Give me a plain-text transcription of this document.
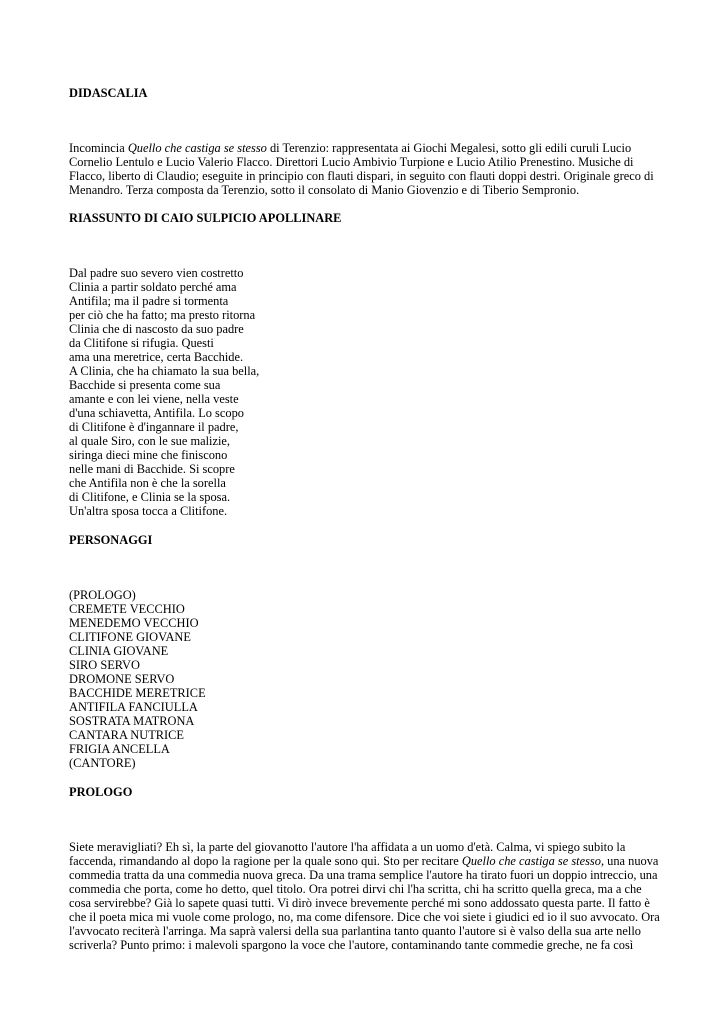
DIDASCALIA
Incomincia Quello che castiga se stesso di Terenzio: rappresentata ai Giochi Megalesi, sotto gli edili curuli Lucio
Cornelio Lentulo e Lucio Valerio Flacco. Direttori Lucio Ambivio Turpione e Lucio Atilio Prenestino. Musiche di
Flacco, liberto di Claudio; eseguite in principio con flauti dispari, in seguito con flauti doppi destri. Originale greco di
Menandro. Terza composta da Terenzio, sotto il consolato di Manio Giovenzio e di Tiberio Sempronio.
RIASSUNTO DI CAIO SULPICIO APOLLINARE
Dal padre suo severo vien costretto
Clinia a partir soldato perché ama
Antifila; ma il padre si tormenta
per ciò che ha fatto; ma presto ritorna
Clinia che di nascosto da suo padre
da Clitifone si rifugia. Questi
ama una meretrice, certa Bacchide.
A Clinia, che ha chiamato la sua bella,
Bacchide si presenta come sua
amante e con lei viene, nella veste
d'una schiavetta, Antifila. Lo scopo
di Clitifone è d'ingannare il padre,
al quale Siro, con le sue malizie,
siringa dieci mine che finiscono
nelle mani di Bacchide. Si scopre
che Antifila non è che la sorella
di Clitifone, e Clinia se la sposa.
Un'altra sposa tocca a Clitifone.
PERSONAGGI
(PROLOGO)
CREMETE VECCHIO
MENEDEMO VECCHIO
CLITIFONE GIOVANE
CLINIA GIOVANE
SIRO SERVO
DROMONE SERVO
BACCHIDE MERETRICE
ANTIFILA FANCIULLA
SOSTRATA MATRONA
CANTARA NUTRICE
FRIGIA ANCELLA
(CANTORE)
PROLOGO
Siete meravigliati? Eh sì, la parte del giovanotto l'autore l'ha affidata a un uomo d'età. Calma, vi spiego subito la
faccenda, rimandando al dopo la ragione per la quale sono qui. Sto per recitare Quello che castiga se stesso, una nuova
commedia tratta da una commedia nuova greca. Da una trama semplice l'autore ha tirato fuori un doppio intreccio, una
commedia che porta, come ho detto, quel titolo. Ora potrei dirvi chi l'ha scritta, chi ha scritto quella greca, ma a che
cosa servirebbe? Già lo sapete quasi tutti. Vi dirò invece brevemente perché mi sono addossato questa parte. Il fatto è
che il poeta mica mi vuole come prologo, no, ma come difensore. Dice che voi siete i giudici ed io il suo avvocato. Ora
l'avvocato reciterà l'arringa. Ma saprà valersi della sua parlantina tanto quanto l'autore si è valso della sua arte nello
scriverla? Punto primo: i malevoli spargono la voce che l'autore, contaminando tante commedie greche, ne fa così
